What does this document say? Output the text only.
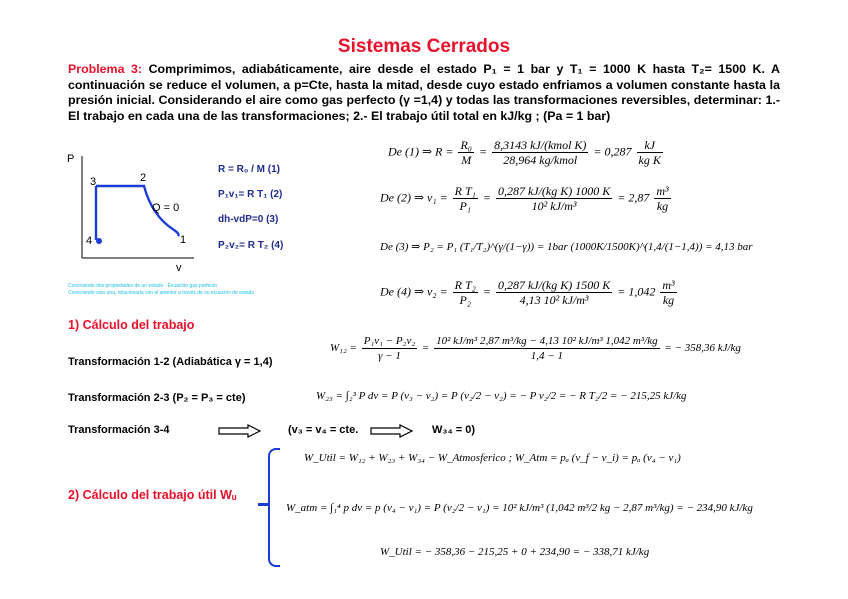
Sistemas Cerrados
Problema 3: Comprimimos, adiabáticamente, aire desde el estado P₁ = 1 bar y T₁ = 1000 K hasta T₂= 1500 K. A continuación se reduce el volumen, a p=Cte, hasta la mitad, desde cuyo estado enfriamos a volumen constante hasta la presión inicial. Considerando el aire como gas perfecto (γ =1,4) y todas las transformaciones reversibles, determinar: 1.- El trabajo en cada una de las transformaciones; 2.- El trabajo útil total en kJ/kg ; (Pa = 1 bar)
P
v
3	2
4	1
Q = 0
R = R₀ / M (1)
P₁v₁= R T₁ (2)
dh-vdP=0 (3)
P₂v₂= R T₂ (4)
Conociendo dos propiedades de un estado : Ecuación gas perfecto
Conociendo solo una, relacionarla con el anterior a través de su ecuación de estado
De (1) ⇒ $R = \frac{\text{R₀}}{M} = \frac{\text{8,3143 kJ/(kmol K)}}{\text{28,964 kg/kmol}} = 0,287 \frac{kJ}{\text{kg K}}$
De (2) ⇒ $v_1 = \frac{\text{R T₁}}{\text{P₁}} = \frac{\text{0,287 kJ/(kg K) 1000 K}}{\text{10² kJ/m³}} = 2,87 \frac{\text{m³}}{kg}$
De (3) ⇒ P₂ = P₁ (T₁/T₂)^(γ/(1−γ)) = 1bar (1000K/1500K)^(1,4/(1−1,4)) = 4,13 bar
De (4) ⇒ $v_2 = \frac{\text{R T₂}}{\text{P₂}} = \frac{\text{0,287 kJ/(kg K) 1500 K}}{\text{4,13 10² kJ/m³}} = 1,042 \frac{\text{m³}}{kg}$
1) Cálculo del trabajo
Transformación 1-2 (Adiabática γ = 1,4)
$W_{12} = \frac{\text{P₁v₁ − P₂v₂}}{\gamma - 1} = \frac{\text{10² kJ/m³ 2,87 m³/kg − 4,13 10² kJ/m³ 1,042 m³/kg}}{1,4 - 1}$ = − 358,36 kJ/kg
Transformación 2-3 (P₂ = P₃ = cte)	W₂₃ = ∫₂³ P dv = P (v₃ − v₂) = P (v₂/2 − v₂) = − P v₂/2 = − R T₂/2 = − 215,25 kJ/kg
Transformación 3-4	(v₃ = v₄ = cte.	W₃₄ = 0)
2) Cálculo del trabajo útil Wᵤ
W_Util = W₁₂ + W₂₃ + W₃₄ − W_Atmosferico ; W_Atm = pₐ (v_f − v_i) = pₐ (v₄ − v₁)
W_atm = ∫₁⁴ p dv = p (v₄ − v₁) = P (v₂/2 − v₁) = 10² kJ/m³ (1,042 m³/2 kg − 2,87 m³/kg) = − 234,90 kJ/kg
W_Util = − 358,36 − 215,25 + 0 + 234,90 = − 338,71 kJ/kg
